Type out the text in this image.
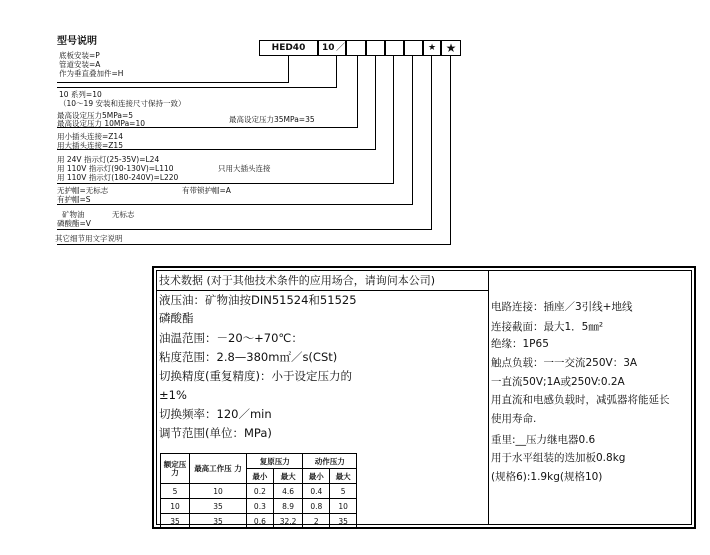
型号说明
HED40	10 ／	★ ★
底板安装=P
管道安装=A
作为垂直叠加件=H
10 系列=10
（10～19 安装和连接尺寸保持一致）
最高设定压力5MPa=5
最高设定压力 10MPa=10	最高设定压力35MPa=35
用小插头连接=Z14
用大插头连接=Z15
用 24V 指示灯(25-35V)=L24
用 110V 指示灯(90-130V)=L110
用 110V 指示灯(180-240V)=L220
只用大插头连接
无护帽=无标志
有护帽=S
有带锁护帽=A
矿物油
磷酸酯=V
无标志
其它细节用文字说明
技术数据 (对于其他技术条件的应用场合，请询问本公司)
液压油：矿物油按DIN51524和51525
磷酸酯
油温范围：－20～+70℃：
粘度范围：2.8—380m㎡／s(CSt)
切换精度(重复精度)：小于设定压力的
±1%
切换频率：120／min
调节范围(单位：MPa)
额定压力	最高工作压 力	复原压力		动作压力	
		最小	最大	最小	最大
5	10	0.2	4.6	0.4	5
10	35	0.3	8.9	0.8	10
35	35	0.6	32.2	2	35
电路连接：插座／3引线+地线
连接截面：最大1．5㎜²
绝缘：1P65
触点负载：一一交流250V：3A
一直流50V;1A或250V:0.2A
用直流和电感负载时，减弧器将能延长
使用寿命.
重里:__压力继电器0.6
用于水平组装的迭加板0.8kg
(规格6):1.9kg(规格10)
